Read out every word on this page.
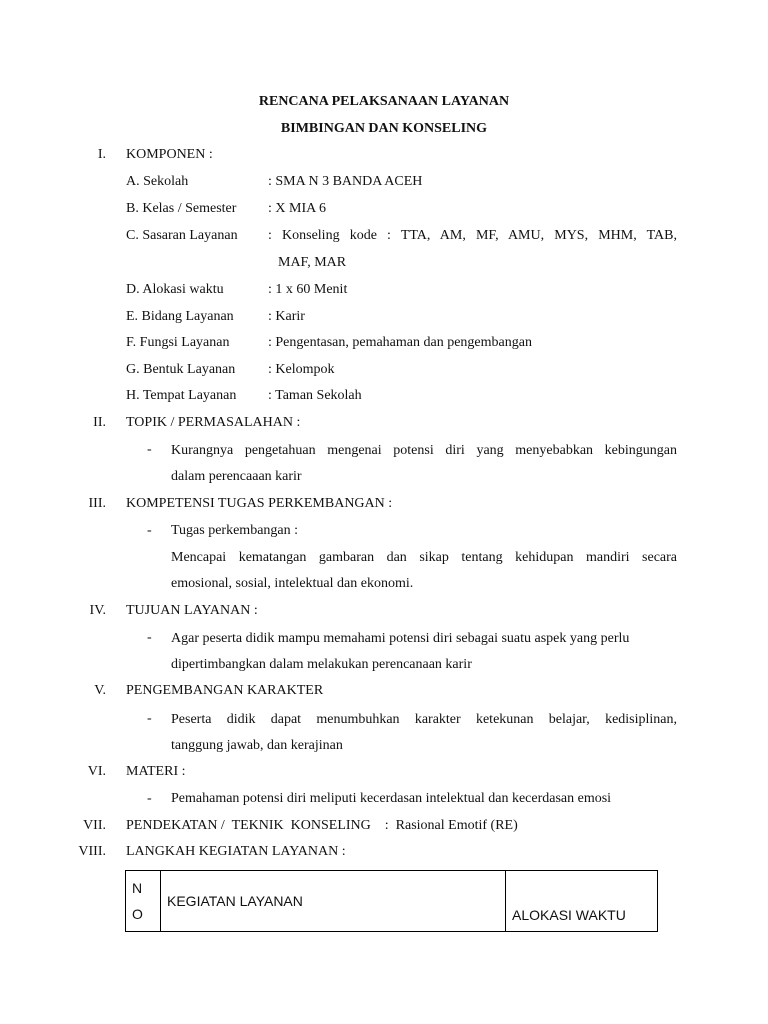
RENCANA PELAKSANAAN LAYANAN
BIMBINGAN DAN KONSELING
I. KOMPONEN :
A. Sekolah	: SMA N 3 BANDA ACEH
B. Kelas / Semester : X MIA 6
C. Sasaran Layanan : Konseling kode : TTA, AM, MF, AMU, MYS, MHM, TAB,
MAF, MAR
D. Alokasi waktu	: 1 x 60 Menit
E. Bidang Layanan : Karir
F. Fungsi Layanan	: Pengentasan, pemahaman dan pengembangan
G. Bentuk Layanan : Kelompok
H. Tempat Layanan : Taman Sekolah
II. TOPIK / PERMASALAHAN :
- Kurangnya pengetahuan mengenai potensi diri yang menyebabkan kebingungan
dalam perencaaan karir
III. KOMPETENSI TUGAS PERKEMBANGAN :
- Tugas perkembangan :
Mencapai kematangan gambaran dan sikap tentang kehidupan mandiri secara
emosional, sosial, intelektual dan ekonomi.
IV. TUJUAN LAYANAN :
- Agar peserta didik mampu memahami potensi diri sebagai suatu aspek yang perlu
dipertimbangkan dalam melakukan perencanaan karir
V. PENGEMBANGAN KARAKTER
- Peserta didik dapat menumbuhkan karakter ketekunan belajar, kedisiplinan,
tanggung jawab, dan kerajinan
VI. MATERI :
- Pemahaman potensi diri meliputi kecerdasan intelektual dan kecerdasan emosi
VII. PENDEKATAN /  TEKNIK  KONSELING    :  Rasional Emotif (RE)
VIII. LANGKAH KEGIATAN LAYANAN :
N
O
	KEGIATAN LAYANAN	ALOKASI WAKTU
